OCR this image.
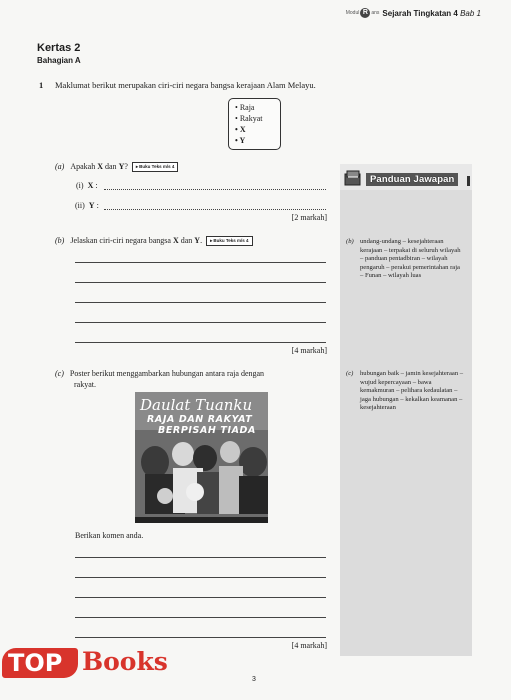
Modul R ans Sejarah Tingkatan 4 Bab 1
Kertas 2
Bahagian A
1 Maklumat berikut merupakan ciri-ciri negara bangsa kerajaan Alam Melayu.
• Raja
• Rakyat
• X
• Y
(a) Apakah X dan Y?	▸ Buku Teks m/s 4
(i) X :
(ii) Y :
[2 markah]
(b) Jelaskan ciri-ciri negara bangsa X dan Y.	▸ Buku Teks m/s 4
[4 markah]
(c) Poster berikut menggambarkan hubungan antara raja dengan
rakyat.
Daulat Tuanku
RAJA DAN RAKYAT
BERPISAH TIADA
Berikan komen anda.
[4 markah]
Panduan Jawapan
(b) undang-undang – kesejahteraan kerajaan – terpakai di seluruh wilayah – panduan pentadbiran – wilayah pengaruh – perakui pemerintahan raja – Funan – wilayah luas
(c) hubungan baik – jamin kesejahteraan –wujud kepercayaan – bawa kemakmuran – pelihara kedaulatan – jaga hubungan – kekalkan keamanan – kesejahteraan
3
TOP Books
